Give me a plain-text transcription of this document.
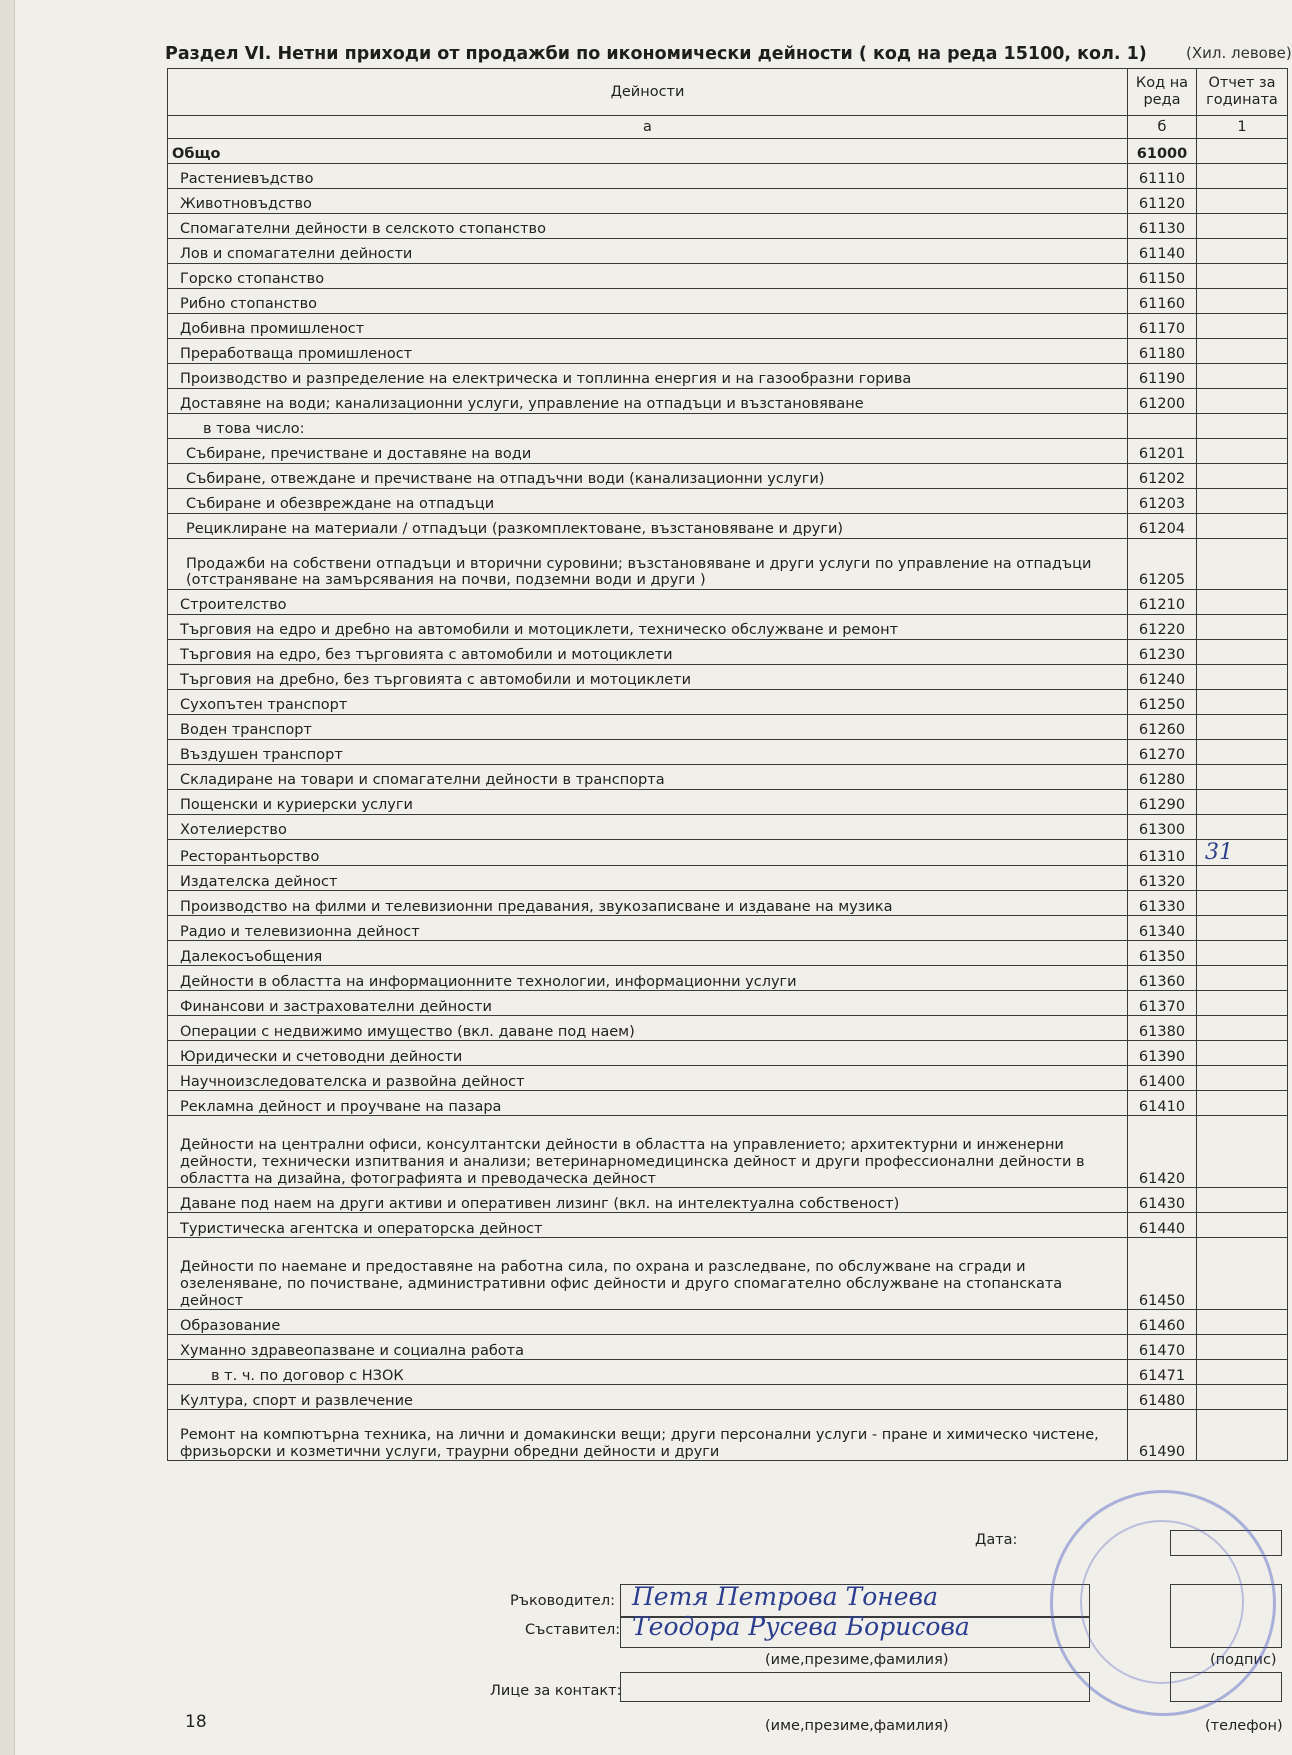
Раздел VI. Нетни приходи от продажби по икономически дейности ( код на реда 15100, кол. 1)	(Хил. левове)
Дейности	Код на реда	Отчет за годината
а	б	1
Общо	61000	
Растениевъдство	61110	
Животновъдство	61120	
Спомагателни дейности в селското стопанство	61130	
Лов и спомагателни дейности	61140	
Горско стопанство	61150	
Рибно стопанство	61160	
Добивна промишленост	61170	
Преработваща промишленост	61180	
Производство и разпределение на електрическа и топлинна енергия и на газообразни горива	61190	
Доставяне на води; канализационни услуги, управление на отпадъци и възстановяване	61200	
в това число:		
Събиране, пречистване и доставяне на води	61201	
Събиране, отвеждане и пречистване на отпадъчни води (канализационни услуги)	61202	
Събиране и обезвреждане на отпадъци	61203	
Рециклиране на материали / отпадъци (разкомплектоване, възстановяване и други)	61204	
Продажби на собствени отпадъци и вторични суровини; възстановяване и други услуги по управление на отпадъци (отстраняване на замърсявания на почви, подземни води и други )	61205	
Строителство	61210	
Търговия на едро и дребно на автомобили и мотоциклети, техническо обслужване и ремонт	61220	
Търговия на едро, без търговията с автомобили и мотоциклети	61230	
Търговия на дребно, без търговията с автомобили и мотоциклети	61240	
Сухопътен транспорт	61250	
Воден транспорт	61260	
Въздушен транспорт	61270	
Складиране на товари и спомагателни дейности в транспорта	61280	
Пощенски и куриерски услуги	61290	
Хотелиерство	61300	
Ресторантьорство	61310	31
Издателска дейност	61320	
Производство на филми и телевизионни предавания, звукозаписване и издаване на музика	61330	
Радио и телевизионна дейност	61340	
Далекосъобщения	61350	
Дейности в областта на информационните технологии, информационни услуги	61360	
Финансови и застрахователни дейности	61370	
Операции с недвижимо имущество (вкл. даване под наем)	61380	
Юридически и счетоводни дейности	61390	
Научноизследователска и развойна дейност	61400	
Рекламна дейност и проучване на пазара	61410	
Дейности на централни офиси, консултантски дейности в областта на управлението; архитектурни и инженерни дейности, технически изпитвания и анализи; ветеринарномедицинска дейност и други профессионални дейности в областта на дизайна, фотографията и преводаческа дейност	61420	
Даване под наем на други активи и оперативен лизинг (вкл. на интелектуална собственост)	61430	
Туристическа агентска и операторска дейност	61440	
Дейности по наемане и предоставяне на работна сила, по охрана и разследване, по обслужване на сгради и озеленяване, по почистване, административни офис дейности и друго спомагателно обслужване на стопанската дейност	61450	
Образование	61460	
Хуманно здравеопазване и социална работа	61470	
в т. ч. по договор с НЗОК	61471	
Култура, спорт и развлечение	61480	
Ремонт на компютърна техника, на лични и домакински вещи; други персонални услуги - пране и химическо чистене, фризьорски и козметични услуги, траурни обредни дейности и други	61490	
Дата:
Ръководител: Петя Петрова Тонева
Съставител: Теодора Русева Борисова
(име,презиме,фамилия)	(подпис)
Лице за контакт:
(име,презиме,фамилия)	(телефон)
18
